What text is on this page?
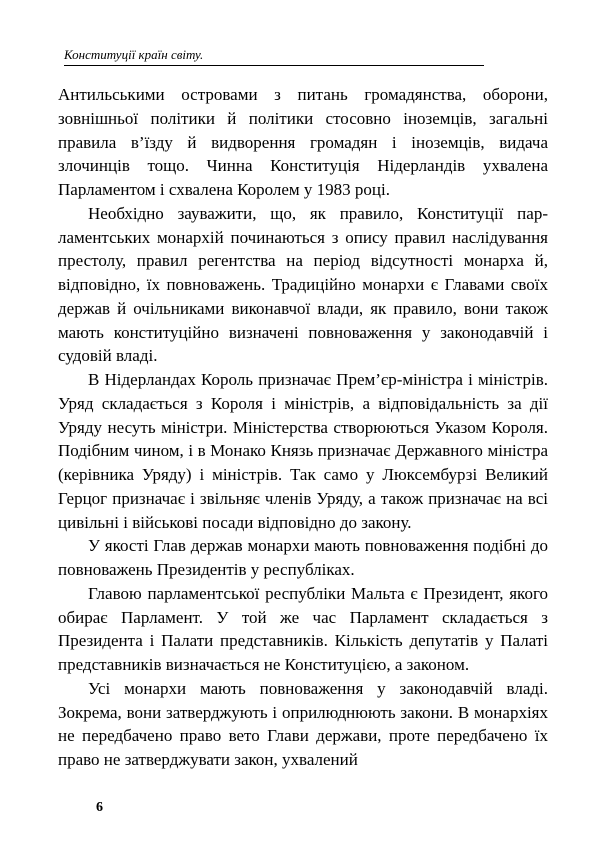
Конституції країн світу.

Антильськими островами з питань громадянства, оборони, зовнішньої політики й політики стосовно іноземців, загальні правила в’їзду й видворення громадян і іноземців, видача злочинців тощо. Чинна Конституція Нідерландів ухвалена Парламентом і схвалена Королем у 1983 році.

Необхідно зауважити, що, як правило, Конституції парламентських монархій починаються з опису правил наслідування престолу, правил регентства на період відсутності монарха й, відповідно, їх повноважень. Традиційно монархи є Главами своїх держав й очільниками виконавчої влади, як правило, вони також мають конституційно визначені повноваження у законодавчій і судовій владі.

В Нідерландах Король призначає Прем’єр-міністра і міністрів. Уряд складається з Короля і міністрів, а відповідальність за дії Уряду несуть міністри. Міністерства створюються Указом Короля. Подібним чином, і в Монако Князь призначає Державного міністра (керівника Уряду) і міністрів. Так само у Люксембурзі Великий Герцог призначає і звільняє членів Уряду, а також призначає на всі цивільні і військові посади відповідно до закону.

У якості Глав держав монархи мають повноваження подібні до повноважень Президентів у республіках.

Главою парламентської республіки Мальта є Президент, якого обирає Парламент. У той же час Парламент складається з Президента і Палати представників. Кількість депутатів у Палаті представників визначається не Конституцією, а законом.

Усі монархи мають повноваження у законодавчій владі. Зокрема, вони затверджують і оприлюднюють закони. В монархіях не передбачено право вето Глави держави, проте передбачено їх право не затверджувати закон, ухвалений

6
